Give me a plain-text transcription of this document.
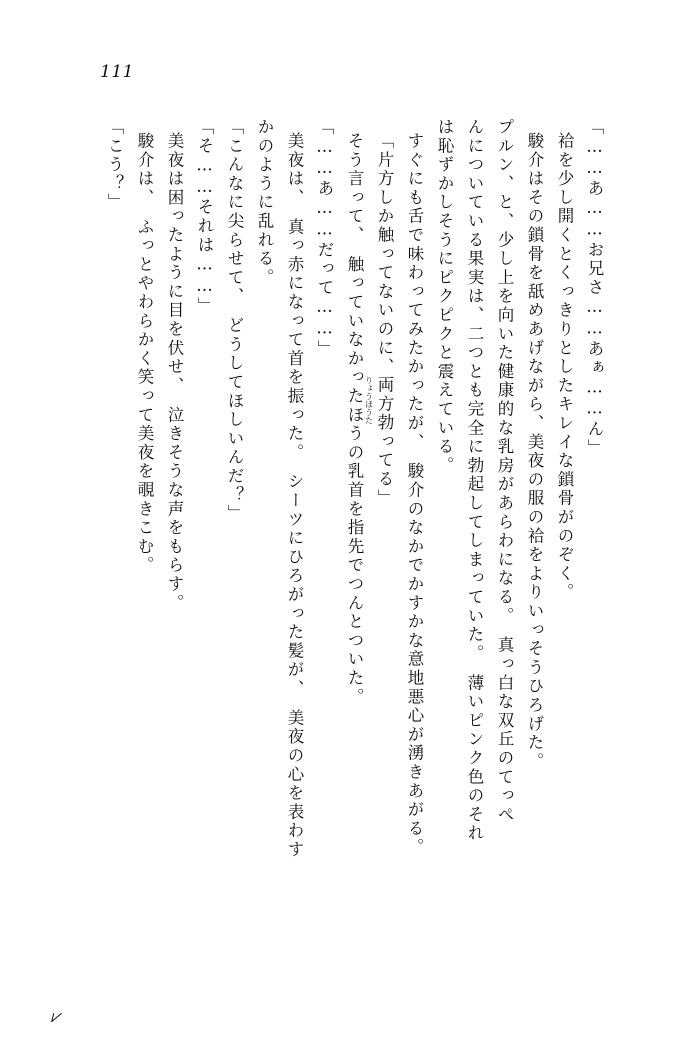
111
「……あ……お兄さ……あぁ……ん」
袷を少し開くとくっきりとしたキレイな鎖骨がのぞく。
駿介はその鎖骨を舐めあげながら、美夜の服の袷をよりいっそうひろげた。
プルン、と、少し上を向いた健康的な乳房があらわになる。　真っ白な双丘のてっぺ
んについている果実は、二つとも完全に勃起してしまっていた。　薄いピンク色のそれ
は恥ずかしそうにピクピクと震えている。
すぐにも舌で味わってみたかったが、　駿介のなかでかすかな意地悪心が湧きあがる。
「片方しか触ってないのに、
りょうほうた 両方勃ってる」
そう言って、　触っていなかったほうの乳首を指先でつんとついた。
「……あ……だって……」
美夜は、　真っ赤になって首を振った。　シーツにひろがった髪が、　美夜の心を表わす
かのように乱れる。
「こんなに尖らせて、　どうしてほしいんだ？」
「そ……それは……」
美夜は困ったように目を伏せ、　泣きそうな声をもらす。
駿介は、　ふっとやわらかく笑って美夜を覗きこむ。
「こう？」
